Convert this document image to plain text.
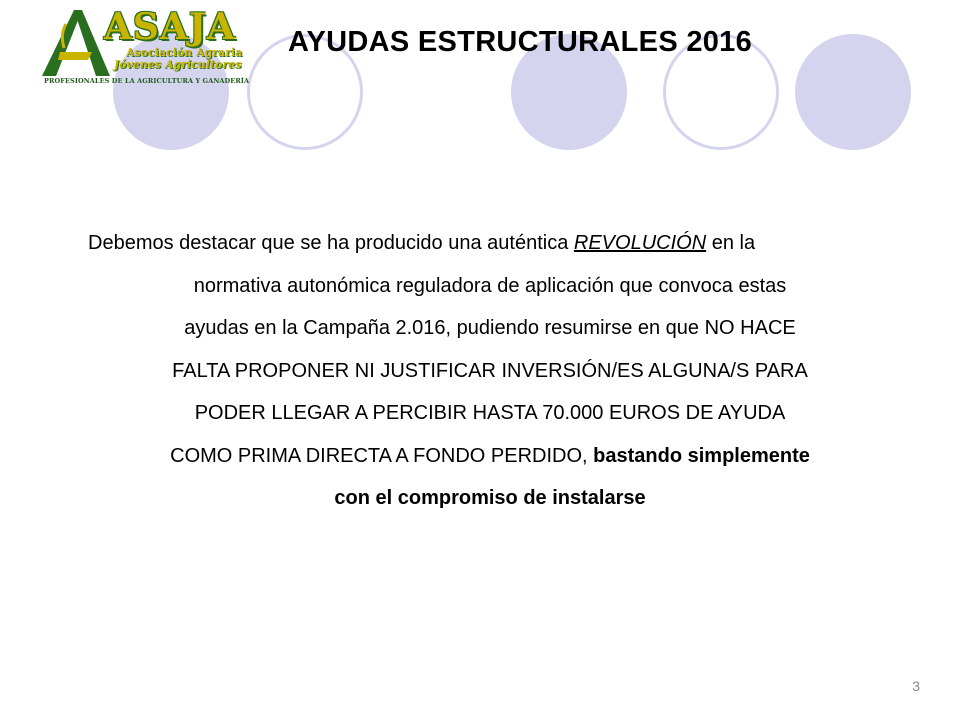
ASAJA
Asociación Agraria
Jóvenes Agricultores
PROFESIONALES DE LA AGRICULTURA Y GANADERÍA
AYUDAS ESTRUCTURALES 2016
Debemos destacar que se ha producido una auténtica REVOLUCIÓN en la
normativa autonómica reguladora de aplicación que convoca estas
ayudas en la Campaña 2.016, pudiendo resumirse en que NO HACE
FALTA PROPONER NI JUSTIFICAR INVERSIÓN/ES ALGUNA/S PARA
PODER LLEGAR A PERCIBIR HASTA 70.000 EUROS DE AYUDA
COMO PRIMA DIRECTA A FONDO PERDIDO, bastando simplemente
con el compromiso de instalarse
3
